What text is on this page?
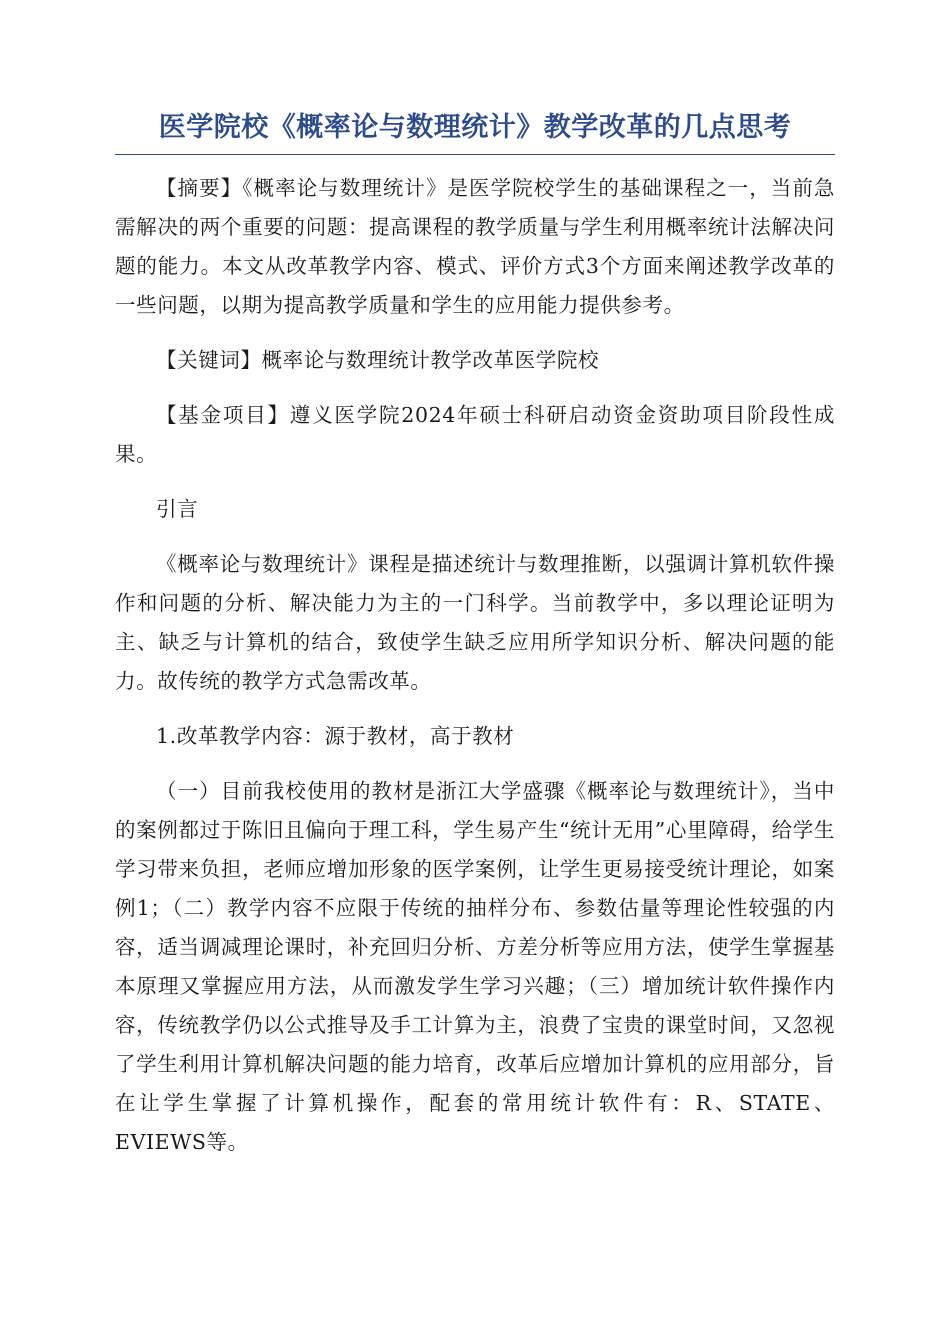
医学院校《概率论与数理统计》教学改革的几点思考

【摘要】《概率论与数理统计》是医学院校学生的基础课程之一，当前急需解决的两个重要的问题：提高课程的教学质量与学生利用概率统计法解决问题的能力。本文从改革教学内容、模式、评价方式3个方面来阐述教学改革的一些问题，以期为提高教学质量和学生的应用能力提供参考。

【关键词】概率论与数理统计教学改革医学院校

【基金项目】遵义医学院2024年硕士科研启动资金资助项目阶段性成果。

引言

《概率论与数理统计》课程是描述统计与数理推断，以强调计算机软件操作和问题的分析、解决能力为主的一门科学。当前教学中，多以理论证明为主、缺乏与计算机的结合，致使学生缺乏应用所学知识分析、解决问题的能力。故传统的教学方式急需改革。

1.改革教学内容：源于教材，高于教材

（一）目前我校使用的教材是浙江大学盛骤《概率论与数理统计》，当中的案例都过于陈旧且偏向于理工科，学生易产生“统计无用”心里障碍，给学生学习带来负担，老师应增加形象的医学案例，让学生更易接受统计理论，如案例1；（二）教学内容不应限于传统的抽样分布、参数估量等理论性较强的内容，适当调减理论课时，补充回归分析、方差分析等应用方法，使学生掌握基本原理又掌握应用方法，从而激发学生学习兴趣；（三）增加统计软件操作内容，传统教学仍以公式推导及手工计算为主，浪费了宝贵的课堂时间，又忽视了学生利用计算机解决问题的能力培育，改革后应增加计算机的应用部分，旨在让学生掌握了计算机操作，配套的常用统计软件有：R、STATE、EVIEWS等。
